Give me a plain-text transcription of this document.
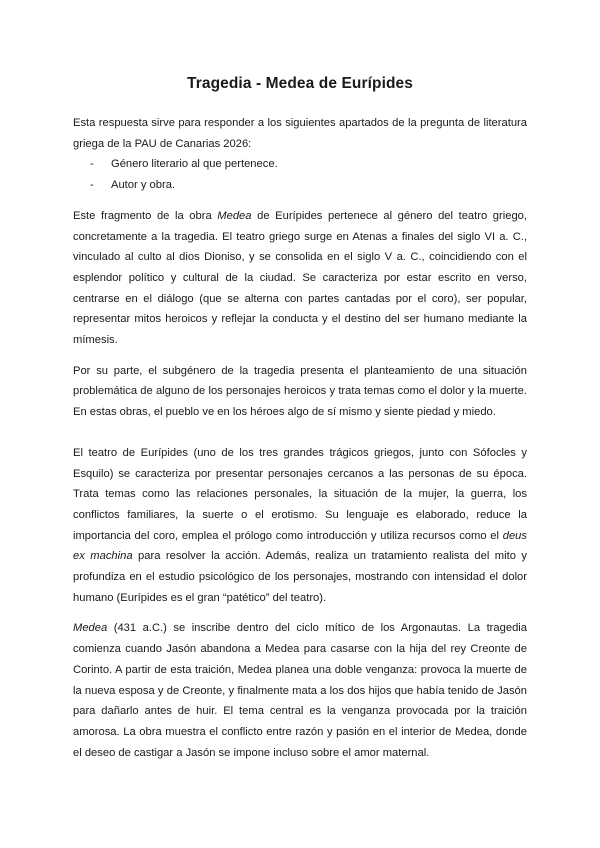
Tragedia - Medea de Eurípides

Esta respuesta sirve para responder a los siguientes apartados de la pregunta de literatura griega de la PAU de Canarias 2026:

- Género literario al que pertenece.
- Autor y obra.

Este fragmento de la obra Medea de Eurípides pertenece al género del teatro griego, concretamente a la tragedia. El teatro griego surge en Atenas a finales del siglo VI a. C., vinculado al culto al dios Dioniso, y se consolida en el siglo V a. C., coincidiendo con el esplendor político y cultural de la ciudad. Se caracteriza por estar escrito en verso, centrarse en el diálogo (que se alterna con partes cantadas por el coro), ser popular, representar mitos heroicos y reflejar la conducta y el destino del ser humano mediante la mímesis.

Por su parte, el subgénero de la tragedia presenta el planteamiento de una situación problemática de alguno de los personajes heroicos y trata temas como el dolor y la muerte. En estas obras, el pueblo ve en los héroes algo de sí mismo y siente piedad y miedo.

El teatro de Eurípides (uno de los tres grandes trágicos griegos, junto con Sófocles y Esquilo) se caracteriza por presentar personajes cercanos a las personas de su época. Trata temas como las relaciones personales, la situación de la mujer, la guerra, los conflictos familiares, la suerte o el erotismo. Su lenguaje es elaborado, reduce la importancia del coro, emplea el prólogo como introducción y utiliza recursos como el deus ex machina para resolver la acción. Además, realiza un tratamiento realista del mito y profundiza en el estudio psicológico de los personajes, mostrando con intensidad el dolor humano (Eurípides es el gran “patético” del teatro).

Medea (431 a.C.) se inscribe dentro del ciclo mítico de los Argonautas. La tragedia comienza cuando Jasón abandona a Medea para casarse con la hija del rey Creonte de Corinto. A partir de esta traición, Medea planea una doble venganza: provoca la muerte de la nueva esposa y de Creonte, y finalmente mata a los dos hijos que había tenido de Jasón para dañarlo antes de huir. El tema central es la venganza provocada por la traición amorosa. La obra muestra el conflicto entre razón y pasión en el interior de Medea, donde el deseo de castigar a Jasón se impone incluso sobre el amor maternal.
